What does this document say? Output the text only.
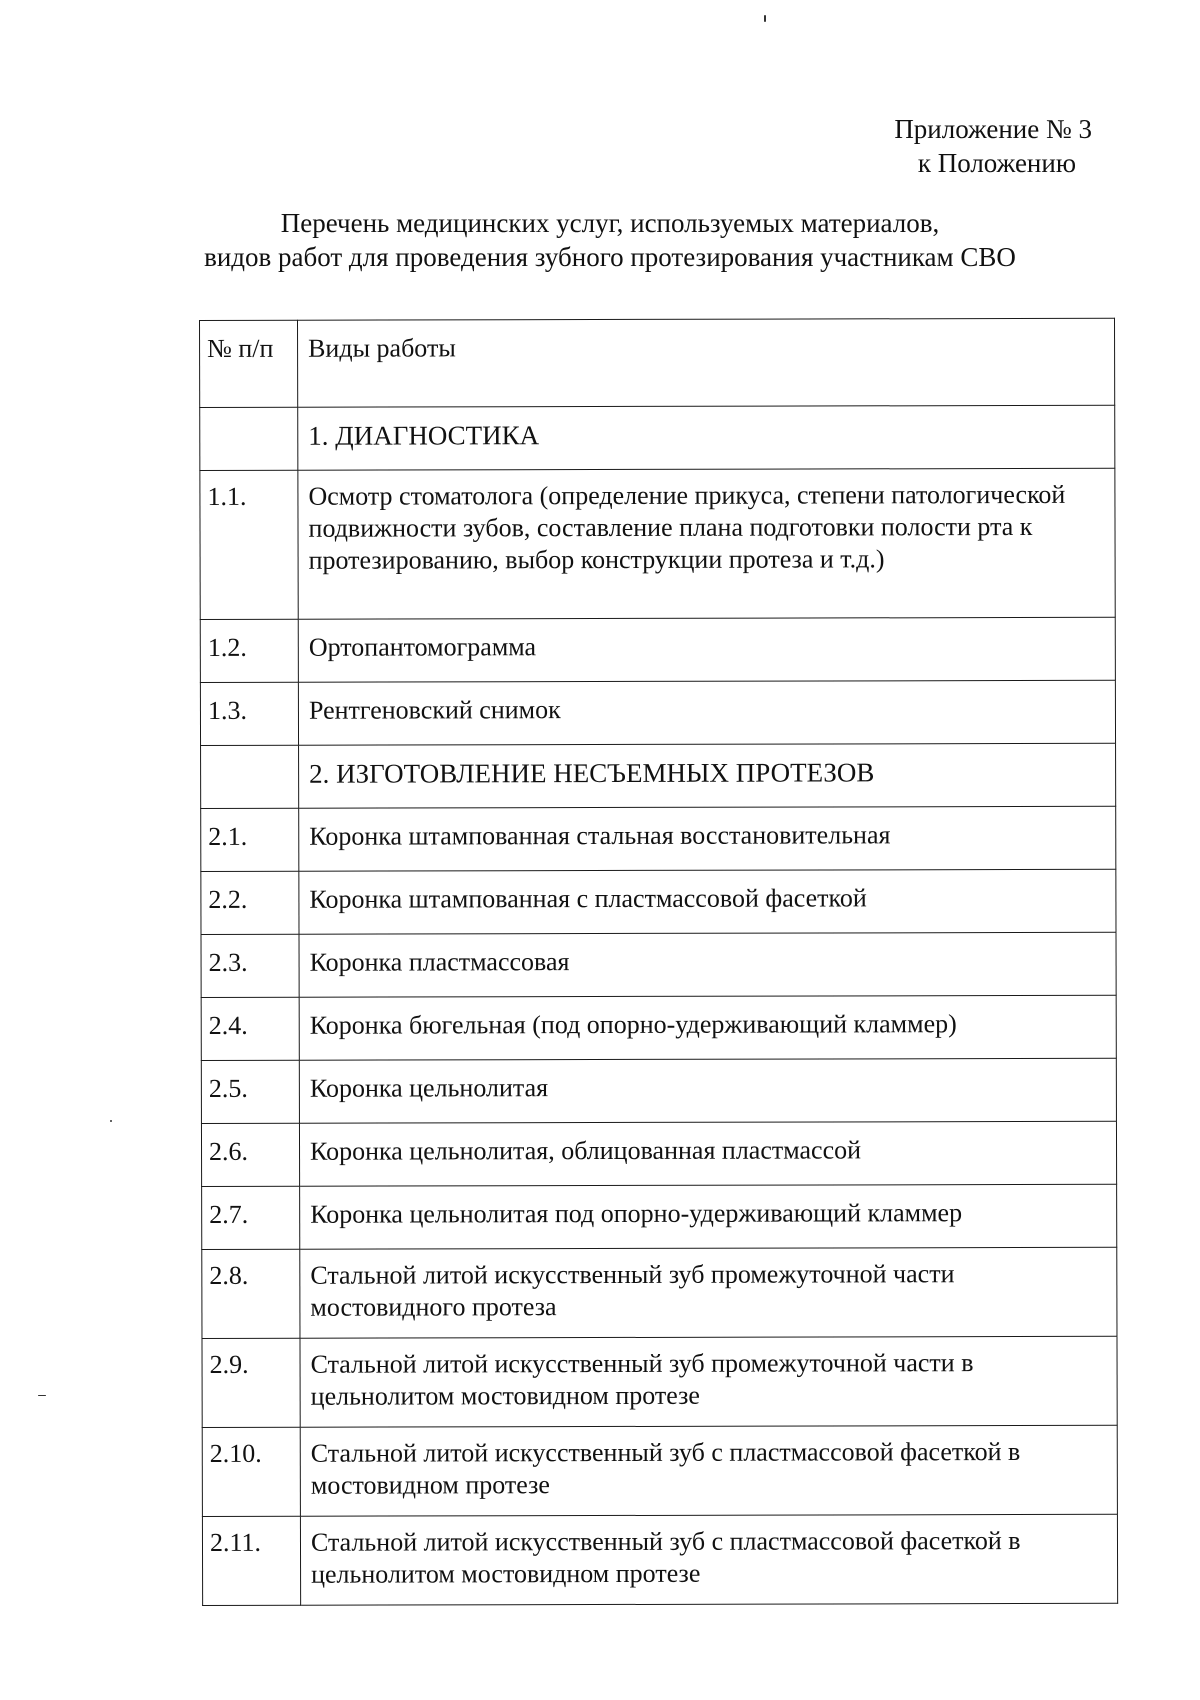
Приложение № 3
к Положению
Перечень медицинских услуг, используемых материалов,
видов работ для проведения зубного протезирования участникам СВО
№ п/п	Виды работы
	1. ДИАГНОСТИКА
1.1.	Осмотр стоматолога (определение прикуса, степени патологической подвижности зубов, составление плана подготовки полости рта к протезированию, выбор конструкции протеза и т.д.)
1.2.	Ортопантомограмма
1.3.	Рентгеновский снимок
	2. ИЗГОТОВЛЕНИЕ НЕСЪЕМНЫХ ПРОТЕЗОВ
2.1.	Коронка штампованная стальная восстановительная
2.2.	Коронка штампованная с пластмассовой фасеткой
2.3.	Коронка пластмассовая
2.4.	Коронка бюгельная (под опорно-удерживающий кламмер)
2.5.	Коронка цельнолитая
2.6.	Коронка цельнолитая, облицованная пластмассой
2.7.	Коронка цельнолитая под опорно-удерживающий кламмер
2.8.	Стальной литой искусственный зуб промежуточной части мостовидного протеза
2.9.	Стальной литой искусственный зуб промежуточной части в цельнолитом мостовидном протезе
2.10.	Стальной литой искусственный зуб с пластмассовой фасеткой в мостовидном протезе
2.11.	Стальной литой искусственный зуб с пластмассовой фасеткой в цельнолитом мостовидном протезе
